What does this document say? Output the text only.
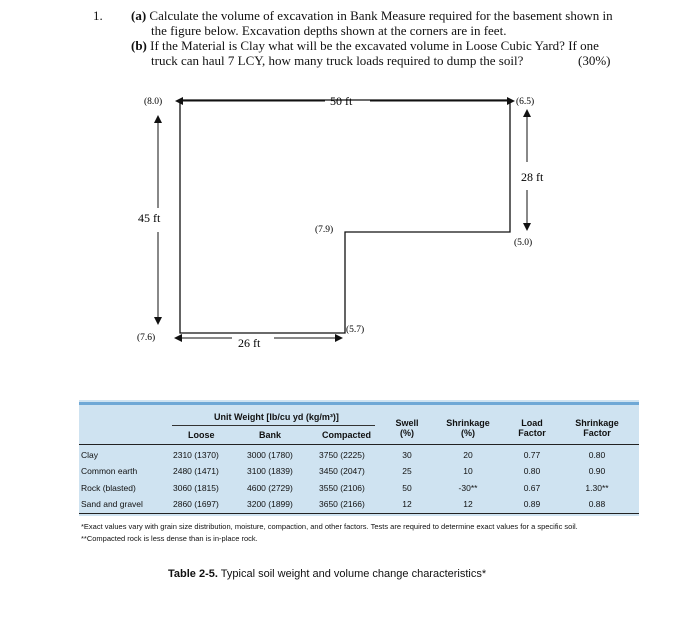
1. (a) Calculate the volume of excavation in Bank Measure required for the basement shown in
the figure below. Excavation depths shown at the corners are in feet.
(b) If the Material is Clay what will be the excavated volume in Loose Cubic Yard? If one
truck can haul 7 LCY, how many truck loads required to dump the soil?	(30%)
50 ft
45 ft
28 ft
26 ft
(8.0)	(6.5)
(5.0)
(7.9)
(5.7)
(7.6)
Unit Weight [lb/cu yd (kg/m³)]
Loose	Bank	Compacted
Swell
(%)
Shrinkage
(%)
Load
Factor
Shrinkage
Factor
Clay	2310 (1370)	3000 (1780)	3750 (2225)	30	20	0.77	0.80
Common earth	2480 (1471)	3100 (1839)	3450 (2047)	25	10	0.80	0.90
Rock (blasted)	3060 (1815)	4600 (2729)	3550 (2106)	50	-30**	0.67	1.30**
Sand and gravel	2860 (1697)	3200 (1899)	3650 (2166)	12	12	0.89	0.88
*Exact values vary with grain size distribution, moisture, compaction, and other factors. Tests are required to determine exact values for a specific soil.
**Compacted rock is less dense than is in-place rock.
Table 2-5. Typical soil weight and volume change characteristics*
